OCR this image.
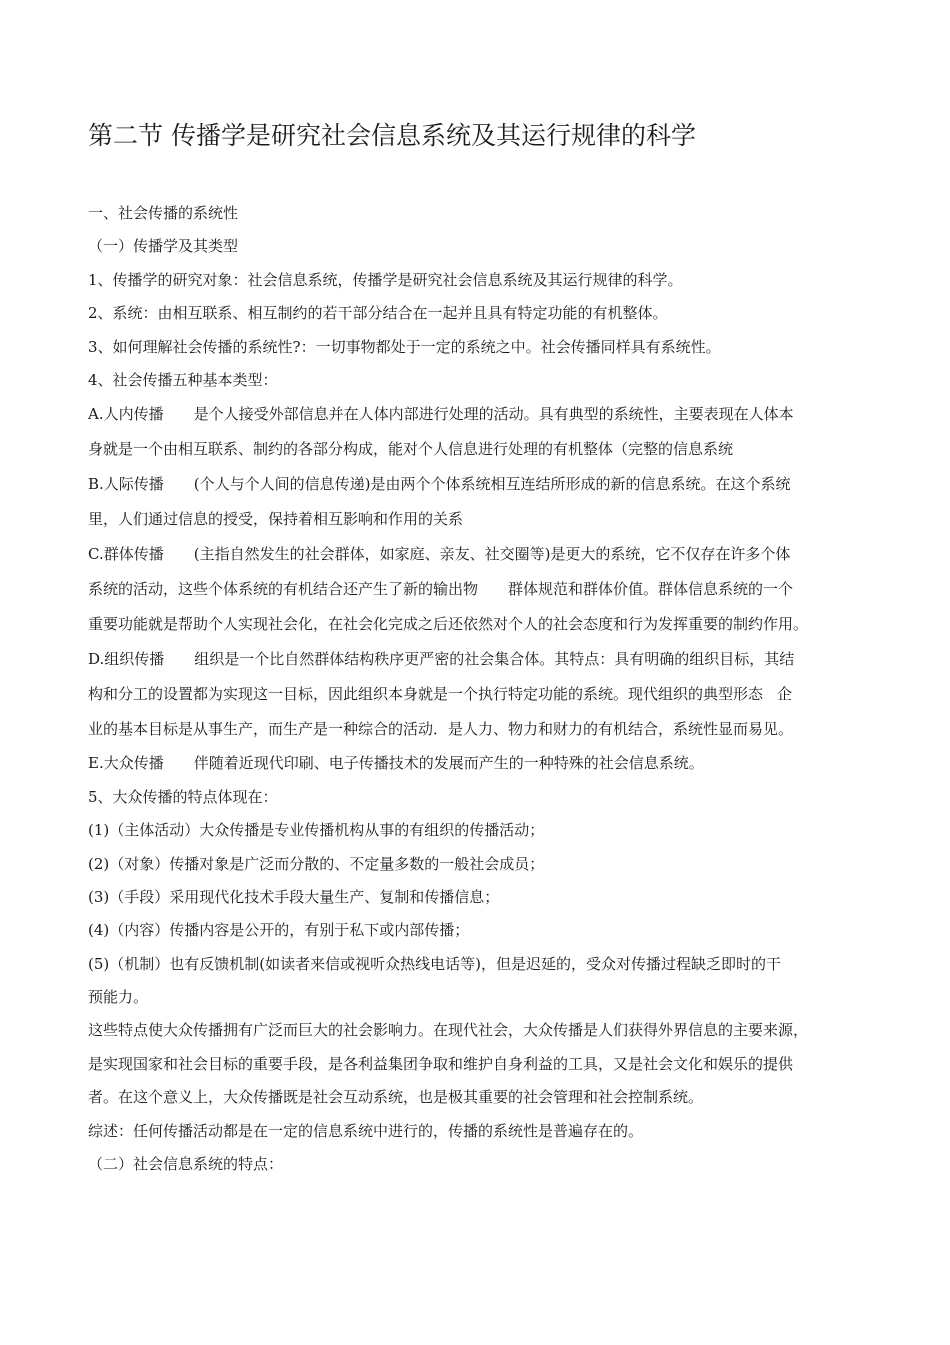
第二节 传播学是研究社会信息系统及其运行规律的科学
一、社会传播的系统性
（一）传播学及其类型
1、传播学的研究对象：社会信息系统，传播学是研究社会信息系统及其运行规律的科学。
2、系统：由相互联系、相互制约的若干部分结合在一起并且具有特定功能的有机整体。
3、如何理解社会传播的系统性?：一切事物都处于一定的系统之中。社会传播同样具有系统性。
4、社会传播五种基本类型：
A.人内传播 是个人接受外部信息并在人体内部进行处理的活动。具有典型的系统性，主要表现在人体本
身就是一个由相互联系、制约的各部分构成，能对个人信息进行处理的有机整体（完整的信息系统
B.人际传播 (个人与个人间的信息传递)是由两个个体系统相互连结所形成的新的信息系统。在这个系统
里，人们通过信息的授受，保持着相互影响和作用的关系
C.群体传播 (主指自然发生的社会群体，如家庭、亲友、社交圈等)是更大的系统，它不仅存在许多个体
系统的活动，这些个体系统的有机结合还产生了新的输出物 群体规范和群体价值。群体信息系统的一个
重要功能就是帮助个人实现社会化，在社会化完成之后还依然对个人的社会态度和行为发挥重要的制约作用。
D.组织传播 组织是一个比自然群体结构秩序更严密的社会集合体。其特点：具有明确的组织目标，其结
构和分工的设置都为实现这一目标，因此组织本身就是一个执行特定功能的系统。现代组织的典型形态 企
业的基本目标是从事生产，而生产是一种综合的活动．是人力、物力和财力的有机结合，系统性显而易见。
E.大众传播 伴随着近现代印刷、电子传播技术的发展而产生的一种特殊的社会信息系统。
5、大众传播的特点体现在：
(1)（主体活动）大众传播是专业传播机构从事的有组织的传播活动；
(2)（对象）传播对象是广泛而分散的、不定量多数的一般社会成员；
(3)（手段）采用现代化技术手段大量生产、复制和传播信息；
(4)（内容）传播内容是公开的，有别于私下或内部传播；
(5)（机制）也有反馈机制(如读者来信或视听众热线电话等)，但是迟延的，受众对传播过程缺乏即时的干
预能力。
这些特点使大众传播拥有广泛而巨大的社会影响力。在现代社会，大众传播是人们获得外界信息的主要来源，
是实现国家和社会目标的重要手段，是各利益集团争取和维护自身利益的工具，又是社会文化和娱乐的提供
者。在这个意义上，大众传播既是社会互动系统，也是极其重要的社会管理和社会控制系统。
综述：任何传播活动都是在一定的信息系统中进行的，传播的系统性是普遍存在的。
（二）社会信息系统的特点：
